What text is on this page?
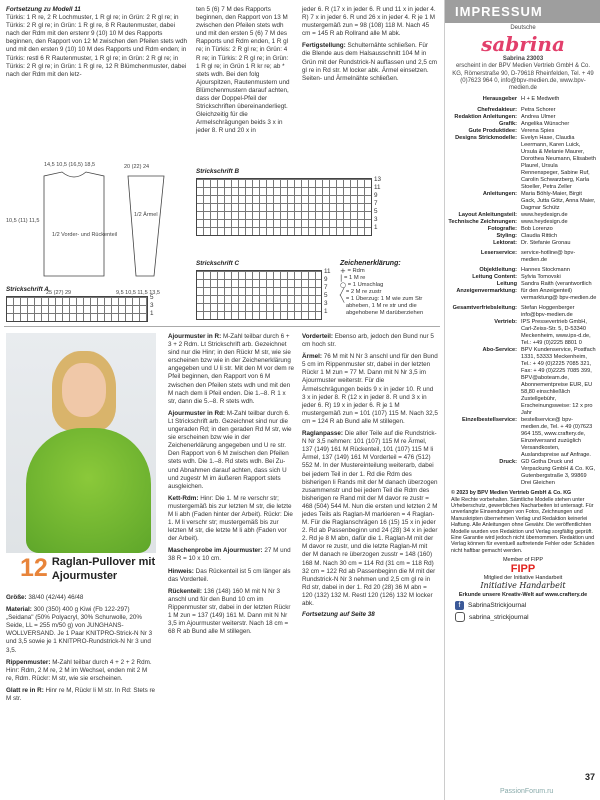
Fortsetzung zu Modell 11
Türkis: 1 R re, 2 R Lochmuster, 1 R gl re; in Grün: 2 R gl re; in Türkis: 2 R gl re; in Grün: 1 R gl re, 8 R Rautenmuster, dabei nach der Rdm mit den erstenr 9 (10) 10 M des Rapports beginnen, den Rapport von 12 M zwischen den Pfeilen stets wdh und mit den ersten 9 (10) 10 M des Rapports und Rdm enden; in Türkis: restl 6 R Rautenmuster, 1 R gl re; in Grün: 2 R gl re; in Türkis: 2 R gl re; in Grün: 1 R gl re, 12 R Blümchenmuster, dabei nach der Rdm mit den letz-
ten 5 (6) 7 M des Rapports beginnen, den Rapport von 13 M zwischen den Pfeilen stets wdh und mit den ersten 5 (6) 7 M des Rapports und Rdm enden, 1 R gl re; in Türkis: 2 R gl re; in Grün: 4 R re; in Türkis: 2 R gl re; in Grün: 1 R gl re; in Grün 1 R kr re; ab * stets wdh. Bei den folg Ajourspitzen, Rautenmustern und Blümchenmustern darauf achten, dass der Doppel-Pfeil der Strickschriften übereinanderliegt. Gleichzeitig für die Armelschrägungen beids 3 x in jeder 8. R und 20 x in
jeder 6. R (17 x in jeder 6. R und 11 x in jeder 4. R) 7 x in jeder 6. R und 26 x in jeder 4. R je 1 M mustergemäß zun = 98 (108) 118 M. Nach 45 cm = 145 R ab Rollrand alle M abk.
Fertigstellung: Schulternähte schließen. Für die Blende aus dem Halsausschnitt 104 M in Grün mit der Rundstrick-N auffassen und 2,5 cm gl re in Rd str. M locker abk. Ärmel einsetzen. Seiten- und Ärmelnähte schließen.
1/2 Vorder- und Rückenteil
1/2 Ärmel
14,5 10,5 (16,5) 18,5
25 (27) 29	9,5 10,5 11,5 13,5
20 (22) 24
10,5 (11) 11,5
Strickschrift A
5
3
1
Strickschrift B
13
11
9
7
5
3
1
Strickschrift C
11
9
7
5
3
1
Zeichenerklärung:
+
= Rdm
|
= 1 M re
○
= 1 Umschlag
╱
= 2 M re zustr
╲
= 1 Überzug: 1 M wie zum Str abheben, 1 M re str und die abgehobene M darüberziehen
12 Raglan-Pullover mit Ajourmuster
Größe: 38/40 (42/44) 46/48
Material: 300 (350) 400 g Kiwi (Fb 122-297) „Seidana" (50% Polyacryl, 30% Schurwolle, 20% Seide, LL = 255 m/50 g) von JUNGHANS-WOLLVERSAND. Je 1 Paar KNITPRO-Strick-N Nr 3 und 3,5 sowie je 1 KNITPRO-Rundstrick-N Nr 3 und 3,5.
Rippenmuster: M-Zahl teilbar durch 4 + 2 + 2 Rdm. Hinr: Rdm, 2 M re, 2 M im Wechsel, enden mit 2 M re, Rdm. Rückr: M str, wie sie erscheinen.
Glatt re in R: Hinr re M, Rückr li M str. In Rd: Stets re M str.
Ajourmuster in R: M-Zahl teilbar durch 6 + 3 + 2 Rdm. Lt Strickschrift arb. Gezeichnet sind nur die Hinr; in den Rückr M str, wie sie erscheinen bzw wie in der Zeichenerklärung angegeben und U li str. Mit den M vor dem re Pfeil beginnen, den Rapport von 6 M zwischen den Pfeilen stets wdh und mit den M nach dem li Pfeil enden. Die 1.–8. R 1 x str, dann die 5.–8. R stets wdh.
Ajourmuster in Rd: M-Zahl teilbar durch 6. Lt Strickschrift arb. Gezeichnet sind nur die ungeraden Rd; in den geraden Rd M str, wie sie erscheinen bzw wie in der Zeichenerklärung angegeben und U re str. Den Rapport von 6 M zwischen den Pfeilen stets wdh. Die 1.–8. Rd stets wdh. Bei Zu- und Abnahmen darauf achten, dass sich U und zugestr M im äußeren Rapport stets ausgleichen.
Kett-Rdm: Hinr: Die 1. M re verschr str; mustergemäß bis zur letzten M str, die letzte M li abh (Faden hinter der Arbeit). Rückr: Die 1. M li verschr str; mustergemäß bis zur letzten M str, die letzte M li abh (Faden vor der Arbeit).
Maschenprobe im Ajourmuster: 27 M und 38 R = 10 x 10 cm.
Hinweis: Das Rückenteil ist 5 cm länger als das Vorderteil.
Rückenteil: 136 (148) 160 M mit N Nr 3 anschl und für den Bund 10 cm im Rippenmuster str, dabei in der letzten Rückr 1 M zun = 137 (149) 161 M. Dann mit N Nr 3,5 im Ajourmuster weiterstr. Nach 18 cm = 68 R ab Bund alle M stillegen.
Vorderteil: Ebenso arb, jedoch den Bund nur 5 cm hoch str.
Ärmel: 76 M mit N Nr 3 anschl und für den Bund 5 cm im Rippenmuster str, dabei in der letzten Rückr 1 M zun = 77 M. Dann mit N Nr 3,5 im Ajourmuster weiterstr. Für die Ärmelschrägungen beids 9 x in jeder 10. R und 3 x in jeder 8. R (12 x in jeder 8. R und 3 x in jeder 6. R) 19 x in jeder 6. R je 1 M mustergemäß zun = 101 (107) 115 M. Nach 32,5 cm = 124 R ab Bund alle M stillegen.
Raglanpasse: Die aller Teile auf die Rundstrick-N Nr 3,5 nehmen: 101 (107) 115 M re Ärmel, 137 (149) 161 M Rückenteil, 101 (107) 115 M li Ärmel, 137 (149) 161 M Vorderteil = 476 (512) 552 M. In der Mustereinteilung weiterarb, dabei bei jedem Teil in der 1. Rd die Rdm des bisherigen li Rands mit der M danach überzogen zusammenstr und bei jedem Teil die Rdm des bisherigen re Rand mit der M davor re zustr = 468 (504) 544 M. Nun die ersten und letzten 2 M jedes Teils als Raglan-M markieren = 4 Raglan-M. Für die Raglanschrägen 16 (15) 15 x in jeder 2. Rd ab Passenbeginn und 24 (28) 34 x in jeder 2. Rd je 8 M abn, dafür die 1. Raglan-M mit der M davor re zustr, und die letzte Raglan-M mit der M danach re überzogen zusstr = 148 (160) 168 M. Nach 30 cm = 114 Rd (31 cm = 118 Rd) 32 cm = 122 Rd ab Passenbeginn die M mit der Rundstrick-N Nr 3 nehmen und 2,5 cm gl re in Rd str, dabei in der 1. Rd 20 (28) 36 M abn = 120 (132) 132 M. Restl 120 (126) 132 M locker abk.
Fortsetzung auf Seite 38
IMPRESSUM
Deutsche
sabrina
Sabrina 23003
erscheint in der BPV Medien Vertrieb GmbH & Co. KG, Römerstraße 90, D-79618 Rheinfelden, Tel. + 49 (0)7623 964 0, info@bpv-medien.de, www.bpv-medien.de
Herausgeber H + E Medweth
Chefredakteur: Petra Schorer
Redaktion Anleitungen: Andrea Ulmer
Grafik: Angelika Wünscher
Gute Produktidee: Verena Spies
Designs Strickmodelle: Evelyn Hase, Claudia Leermann, Karen Luick, Ursula & Melanie Maurer, Dorothea Neumann, Elisabeth Plaurel, Ursula Rennenspeger, Sabine Ruf, Carolin Schwarzberg, Karla Stoeller, Petra Zeller
Anleitungen: Maria Böhly-Maier, Birgit Gack, Jutta Götz, Anna Maier, Dagmar Schütz
Layout Anleitungsteil: www.heydesign.de
Technische Zeichnungen: www.heydesign.de
Fotografie: Bob Lorenzo
Styling: Claudia Rittich
Lektorat: Dr. Stefanie Gronau
Leserservice: service-hotline@ bpv-medien.de
Objektleitung: Hannes Stockmann
Leitung Content: Sylvia Tomovski
Leitung Anzeigenvermarktung:
Sandra Raith (verantwortlich für den Anzeigenteil) vermarktung@ bpv-medien.de
Gesamtverfriebsleitung: Stefan Hoggenberger info@bpv-medien.de
Vertrieb: IPS Pressevertrieb GmbH, Carl-Zeiss-Str. 5, D-53340 Meckenheim, www.ips-d.de, Tel.: +49 (0)2225 8801 0
Abo-Service: BPV Kundenservice, Postfach 1331, 53333 Meckenheim, Tel.: + 49 (0)2225 7085 321, Fax: + 49 (0)2225 7085 399, BPV@aboteam.de, Abonnementpreise EUR, EU 58,80 einschließlich Zustellgebühr, Erscheinungsweise: 12 x pro Jahr
Einzelbestellservice: bestellservice@ bpv-medien.de, Tel. + 49 (0)7623 964 155, www.craftery.de, Einzelversand zuzüglich Versandkosten, Auslandspreise auf Anfrage.
Druck: GD Gotha Druck und Verpackung GmbH & Co. KG, Gutenbergstraße 3, 99869 Drei Gleichen
© 2023 by BPV Medien Vertrieb GmbH & Co. KG
Alle Rechte vorbehalten. Sämtliche Modelle stehen unter Urheberschutz, gewerbliches Nacharbeiten ist untersagt. Für unverlangte Einsendungen von Fotos, Zeichnungen und Manuskripten übernehmen Verlag und Redaktion keinerlei Haftung. Alle Anleitungen ohne Gewähr. Die veröffentlichten Modelle wurden von Redaktion und Verlag sorgfältig geprüft. Eine Garantie wird jedoch nicht übernommen. Redaktion und Verlag können für eventuell auftretende Fehler oder Schäden nicht haftbar gemacht werden.
Member of FIPP
FIPP
Mitglied der Initiative Handarbeit
Initiative Handarbeit
Erkunde unsere Kreativ-Welt auf www.craftery.de
f	SabrinaStrickjournal
sabrina_strickjournal
37
PassionForum.ru
